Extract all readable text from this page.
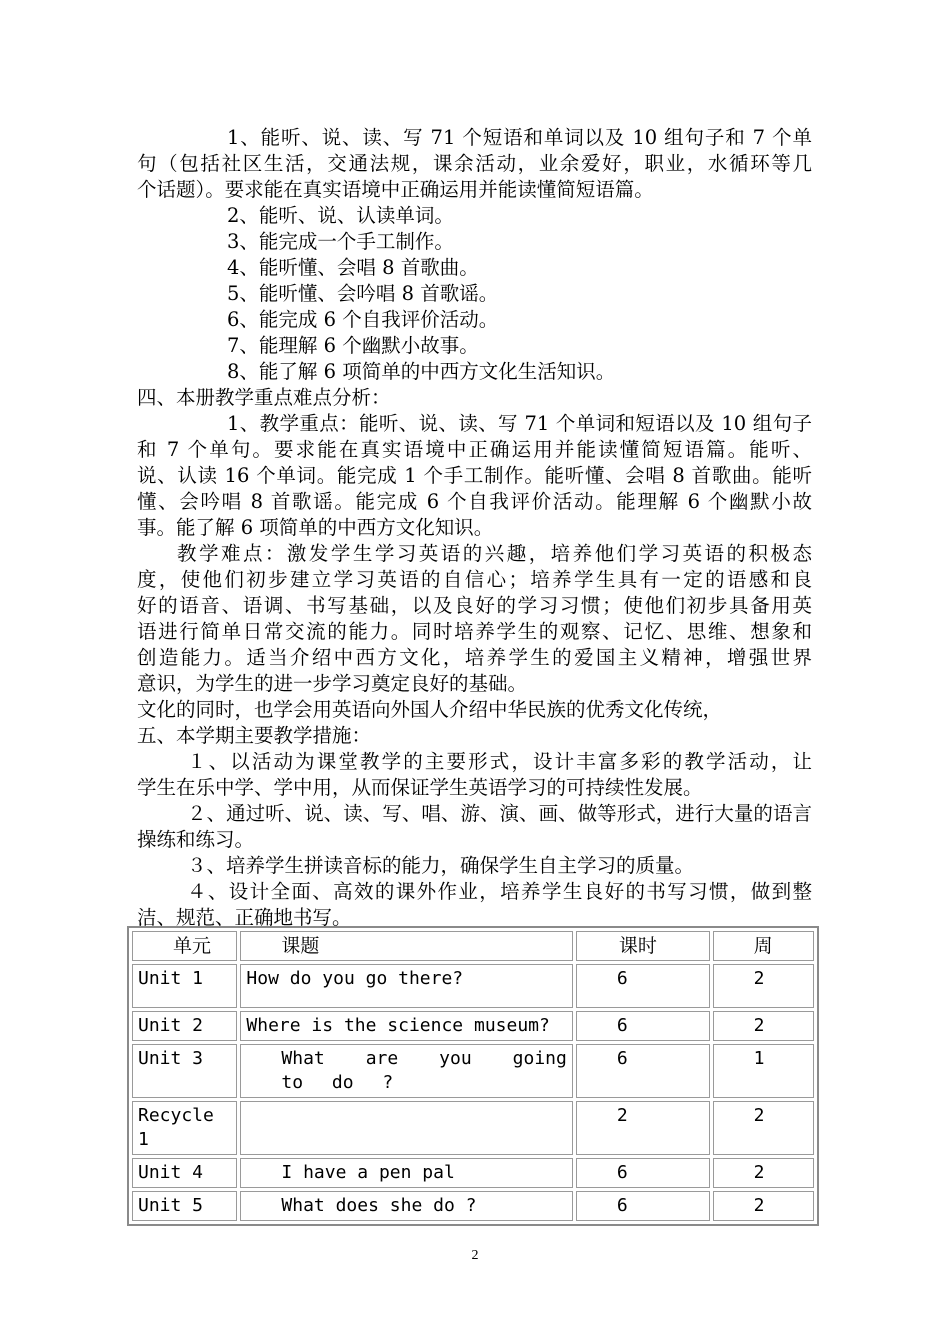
1、能听、说、读、写 71 个短语和单词以及 10 组句子和 7 个单
句（包括社区生活，交通法规，课余活动，业余爱好，职业，水循环等几
个话题）。要求能在真实语境中正确运用并能读懂简短语篇。
2、能听、说、认读单词。
3、能完成一个手工制作。
4、能听懂、会唱 8 首歌曲。
5、能听懂、会吟唱 8 首歌谣。
6、能完成 6 个自我评价活动。
7、能理解 6 个幽默小故事。
8、能了解 6 项简单的中西方文化生活知识。
四、本册教学重点难点分析：
1、教学重点：能听、说、读、写 71 个单词和短语以及 10 组句子
和 7 个单句。要求能在真实语境中正确运用并能读懂简短语篇。能听、
说、认读 16 个单词。能完成 1 个手工制作。能听懂、会唱 8 首歌曲。能听
懂、会吟唱 8 首歌谣。能完成 6 个自我评价活动。能理解 6 个幽默小故
事。能了解 6 项简单的中西方文化知识。
教学难点：激发学生学习英语的兴趣，培养他们学习英语的积极态
度，使他们初步建立学习英语的自信心；培养学生具有一定的语感和良
好的语音、语调、书写基础，以及良好的学习习惯；使他们初步具备用英
语进行简单日常交流的能力。同时培养学生的观察、记忆、思维、想象和
创造能力。适当介绍中西方文化，培养学生的爱国主义精神，增强世界
意识，为学生的进一步学习奠定良好的基础。
文化的同时，也学会用英语向外国人介绍中华民族的优秀文化传统，
五、本学期主要教学措施：
１、以活动为课堂教学的主要形式，设计丰富多彩的教学活动，让
学生在乐中学、学中用，从而保证学生英语学习的可持续性发展。
２、通过听、说、读、写、唱、游、演、画、做等形式，进行大量的语言
操练和练习。
３、培养学生拼读音标的能力，确保学生自主学习的质量。
４、设计全面、高效的课外作业，培养学生良好的书写习惯，做到整
洁、规范、正确地书写。
单元	课题	课时	周
Unit 1	How do you go there?	6	2
Unit 2	Where is the science museum?	6	2
Unit 3	What are you going to do ?	6	1
Recycle 1		2	2
Unit 4	I have a pen pal	6	2
Unit 5	What does she do ?	6	2
2
